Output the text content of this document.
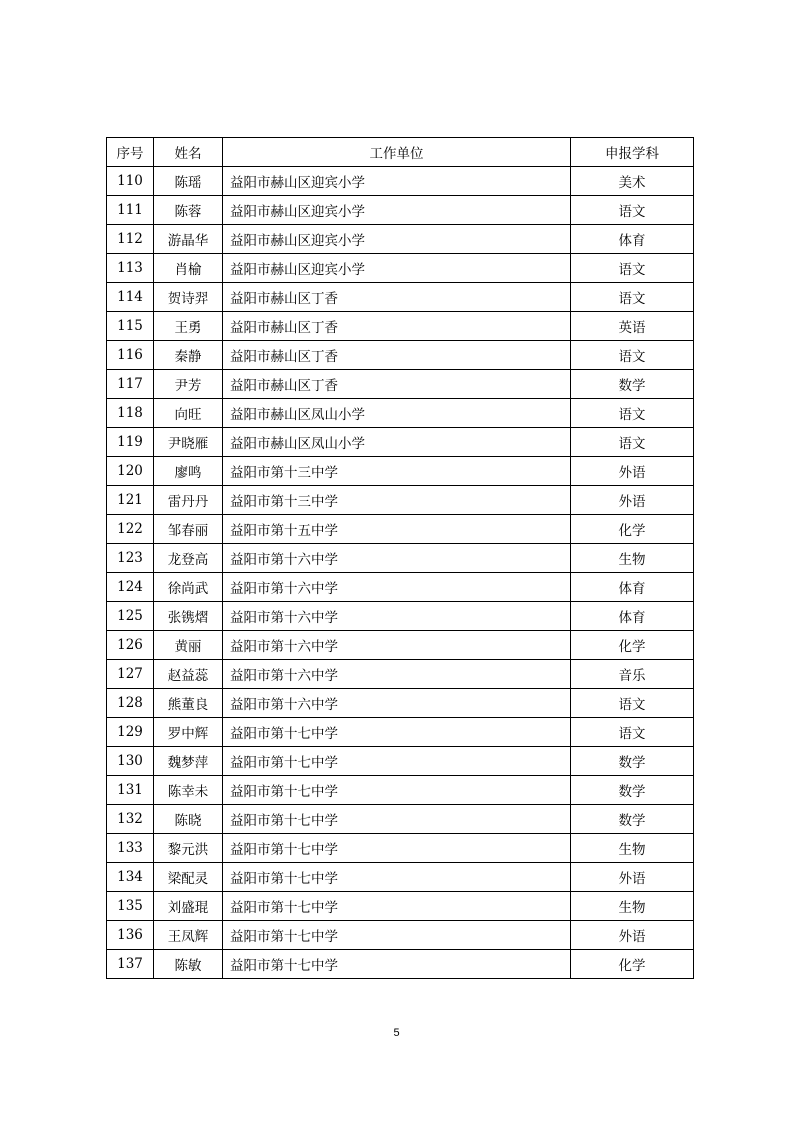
序号	姓名	工作单位	申报学科
110	陈瑶	益阳市赫山区迎宾小学	美术
111	陈蓉	益阳市赫山区迎宾小学	语文
112	游晶华	益阳市赫山区迎宾小学	体育
113	肖榆	益阳市赫山区迎宾小学	语文
114	贺诗羿	益阳市赫山区丁香	语文
115	王勇	益阳市赫山区丁香	英语
116	秦静	益阳市赫山区丁香	语文
117	尹芳	益阳市赫山区丁香	数学
118	向旺	益阳市赫山区凤山小学	语文
119	尹晓雁	益阳市赫山区凤山小学	语文
120	廖鸣	益阳市第十三中学	外语
121	雷丹丹	益阳市第十三中学	外语
122	邹春丽	益阳市第十五中学	化学
123	龙登高	益阳市第十六中学	生物
124	徐尚武	益阳市第十六中学	体育
125	张镌熠	益阳市第十六中学	体育
126	黄丽	益阳市第十六中学	化学
127	赵益蕊	益阳市第十六中学	音乐
128	熊董良	益阳市第十六中学	语文
129	罗中辉	益阳市第十七中学	语文
130	魏梦萍	益阳市第十七中学	数学
131	陈幸未	益阳市第十七中学	数学
132	陈晓	益阳市第十七中学	数学
133	黎元洪	益阳市第十七中学	生物
134	梁配灵	益阳市第十七中学	外语
135	刘盛琨	益阳市第十七中学	生物
136	王凤辉	益阳市第十七中学	外语
137	陈敏	益阳市第十七中学	化学
5
